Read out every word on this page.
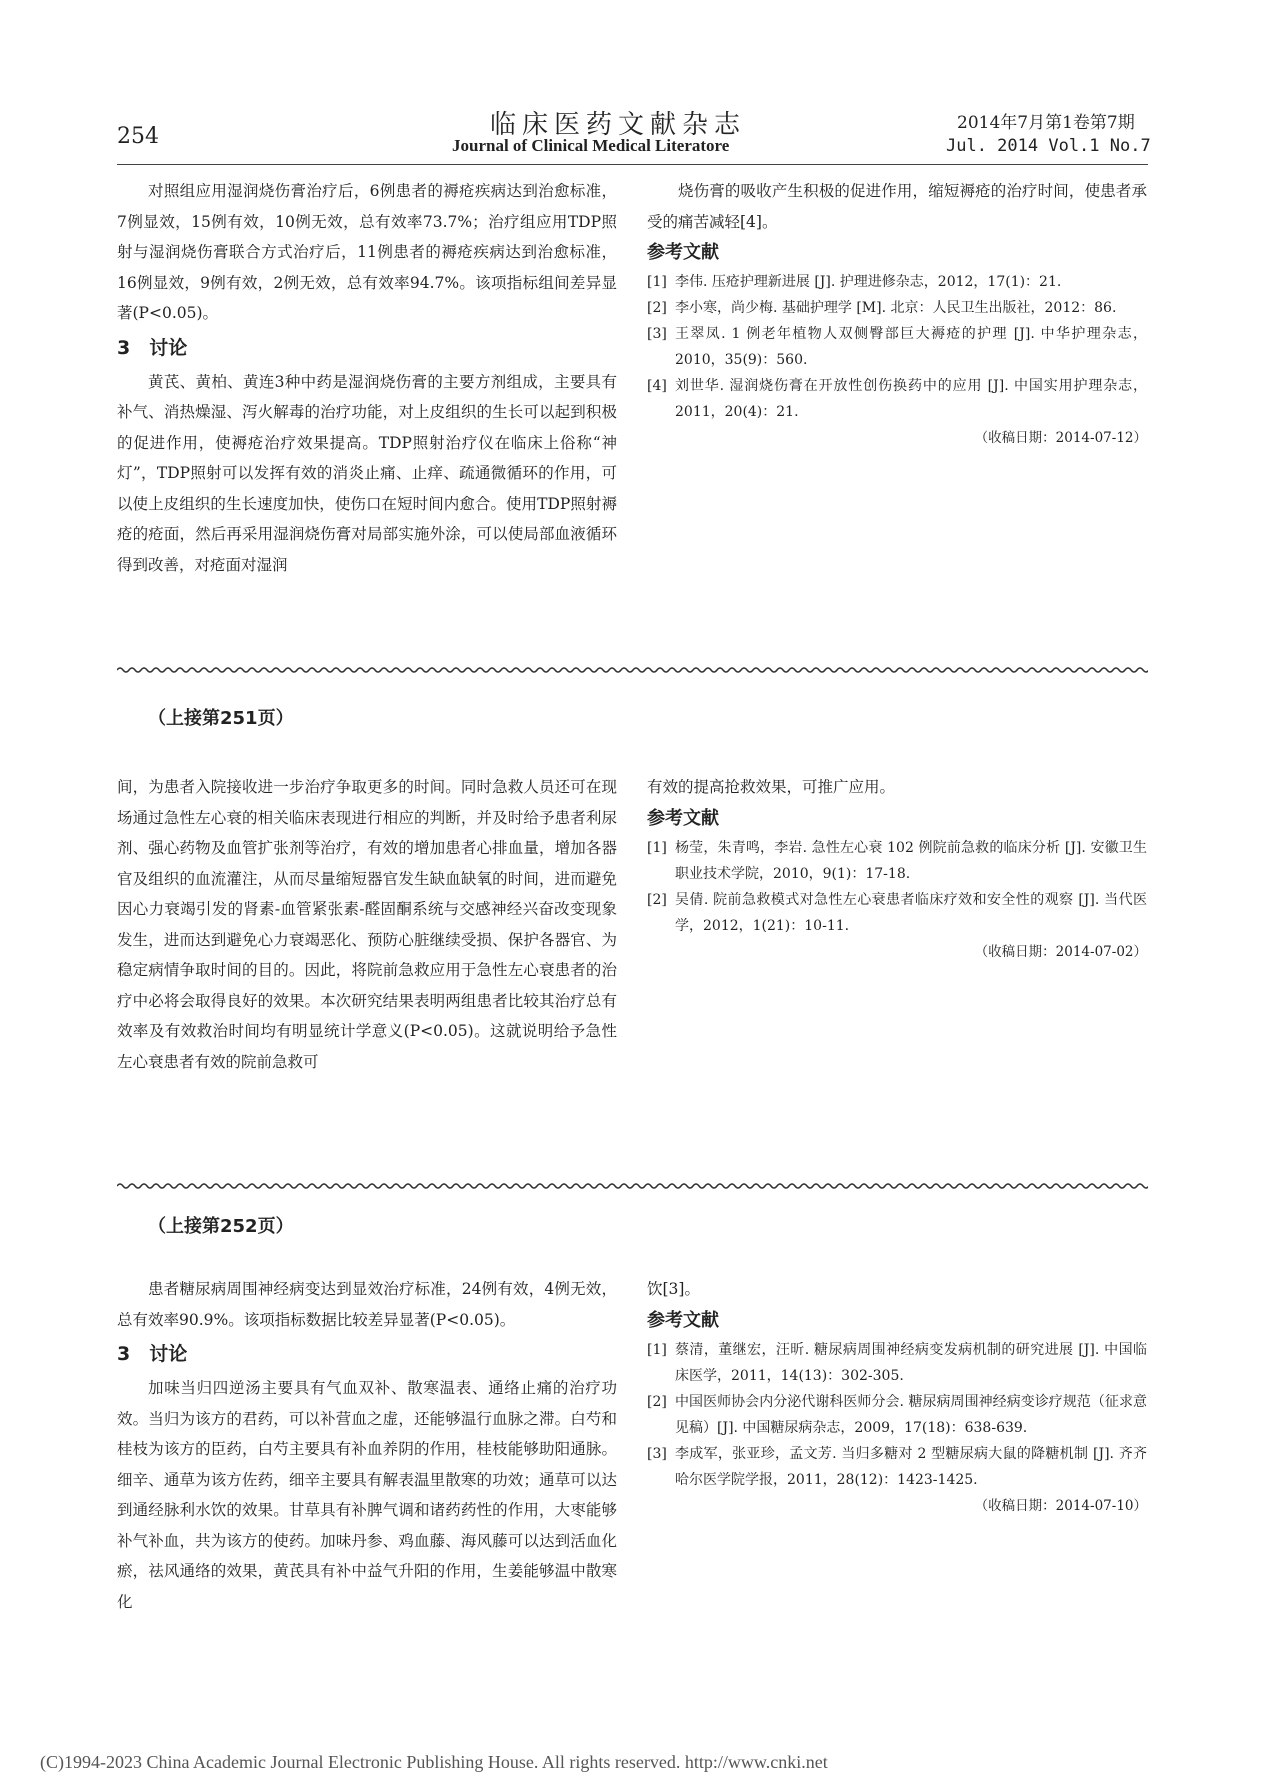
254	临床医药文献杂志
Journal of Clinical Medical Literatore
2014年7月第1卷第7期
Jul. 2014 Vol.1 No.7

对照组应用湿润烧伤膏治疗后，6例患者的褥疮疾病达到治愈标准，7例显效，15例有效，10例无效，总有效率73.7%；治疗组应用TDP照射与湿润烧伤膏联合方式治疗后，11例患者的褥疮疾病达到治愈标准，16例显效，9例有效，2例无效，总有效率94.7%。该项指标组间差异显著(P<0.05)。

3　讨论

黄芪、黄柏、黄连3种中药是湿润烧伤膏的主要方剂组成，主要具有补气、消热燥湿、泻火解毒的治疗功能，对上皮组织的生长可以起到积极的促进作用，使褥疮治疗效果提高。TDP照射治疗仪在临床上俗称“神灯”，TDP照射可以发挥有效的消炎止痛、止痒、疏通微循环的作用，可以使上皮组织的生长速度加快，使伤口在短时间内愈合。使用TDP照射褥疮的疮面，然后再采用湿润烧伤膏对局部实施外涂，可以使局部血液循环得到改善，对疮面对湿润

烧伤膏的吸收产生积极的促进作用，缩短褥疮的治疗时间，使患者承受的痛苦减轻[4]。

参考文献
[1] 李伟. 压疮护理新进展 [J]. 护理进修杂志，2012，17(1)：21.
[2] 李小寒，尚少梅. 基础护理学 [M]. 北京：人民卫生出版社，2012：86.
[3] 王翠凤. 1 例老年植物人双侧臀部巨大褥疮的护理 [J]. 中华护理杂志，2010，35(9)：560.
[4] 刘世华. 湿润烧伤膏在开放性创伤换药中的应用 [J]. 中国实用护理杂志，2011，20(4)：21.
（收稿日期：2014-07-12）
（上接第251页）

间，为患者入院接收进一步治疗争取更多的时间。同时急救人员还可在现场通过急性左心衰的相关临床表现进行相应的判断，并及时给予患者利尿剂、强心药物及血管扩张剂等治疗，有效的增加患者心排血量，增加各器官及组织的血流灌注，从而尽量缩短器官发生缺血缺氧的时间，进而避免因心力衰竭引发的肾素-血管紧张素-醛固酮系统与交感神经兴奋改变现象发生，进而达到避免心力衰竭恶化、预防心脏继续受损、保护各器官、为稳定病情争取时间的目的。因此，将院前急救应用于急性左心衰患者的治疗中必将会取得良好的效果。本次研究结果表明两组患者比较其治疗总有效率及有效救治时间均有明显统计学意义(P<0.05)。这就说明给予急性左心衰患者有效的院前急救可

有效的提高抢救效果，可推广应用。

参考文献
[1] 杨莹，朱青鸣，李岩. 急性左心衰 102 例院前急救的临床分析 [J]. 安徽卫生职业技术学院，2010，9(1)：17-18.
[2] 吴倩. 院前急救模式对急性左心衰患者临床疗效和安全性的观察 [J]. 当代医学，2012，1(21)：10-11.
（收稿日期：2014-07-02）
（上接第252页）

患者糖尿病周围神经病变达到显效治疗标准，24例有效，4例无效，总有效率90.9%。该项指标数据比较差异显著(P<0.05)。

3　讨论

加味当归四逆汤主要具有气血双补、散寒温表、通络止痛的治疗功效。当归为该方的君药，可以补营血之虚，还能够温行血脉之滞。白芍和桂枝为该方的臣药，白芍主要具有补血养阴的作用，桂枝能够助阳通脉。细辛、通草为该方佐药，细辛主要具有解表温里散寒的功效；通草可以达到通经脉利水饮的效果。甘草具有补脾气调和诸药药性的作用，大枣能够补气补血，共为该方的使药。加味丹参、鸡血藤、海风藤可以达到活血化瘀，祛风通络的效果，黄芪具有补中益气升阳的作用，生姜能够温中散寒化

饮[3]。

参考文献
[1] 蔡清，董继宏，汪昕. 糖尿病周围神经病变发病机制的研究进展 [J]. 中国临床医学，2011，14(13)：302-305.
[2] 中国医师协会内分泌代谢科医师分会. 糖尿病周围神经病变诊疗规范（征求意见稿）[J]. 中国糖尿病杂志，2009，17(18)：638-639.
[3] 李成军，张亚珍，孟文芳. 当归多糖对 2 型糖尿病大鼠的降糖机制 [J]. 齐齐哈尔医学院学报，2011，28(12)：1423-1425.
（收稿日期：2014-07-10）
(C)1994-2023 China Academic Journal Electronic Publishing House. All rights reserved. http://www.cnki.net
